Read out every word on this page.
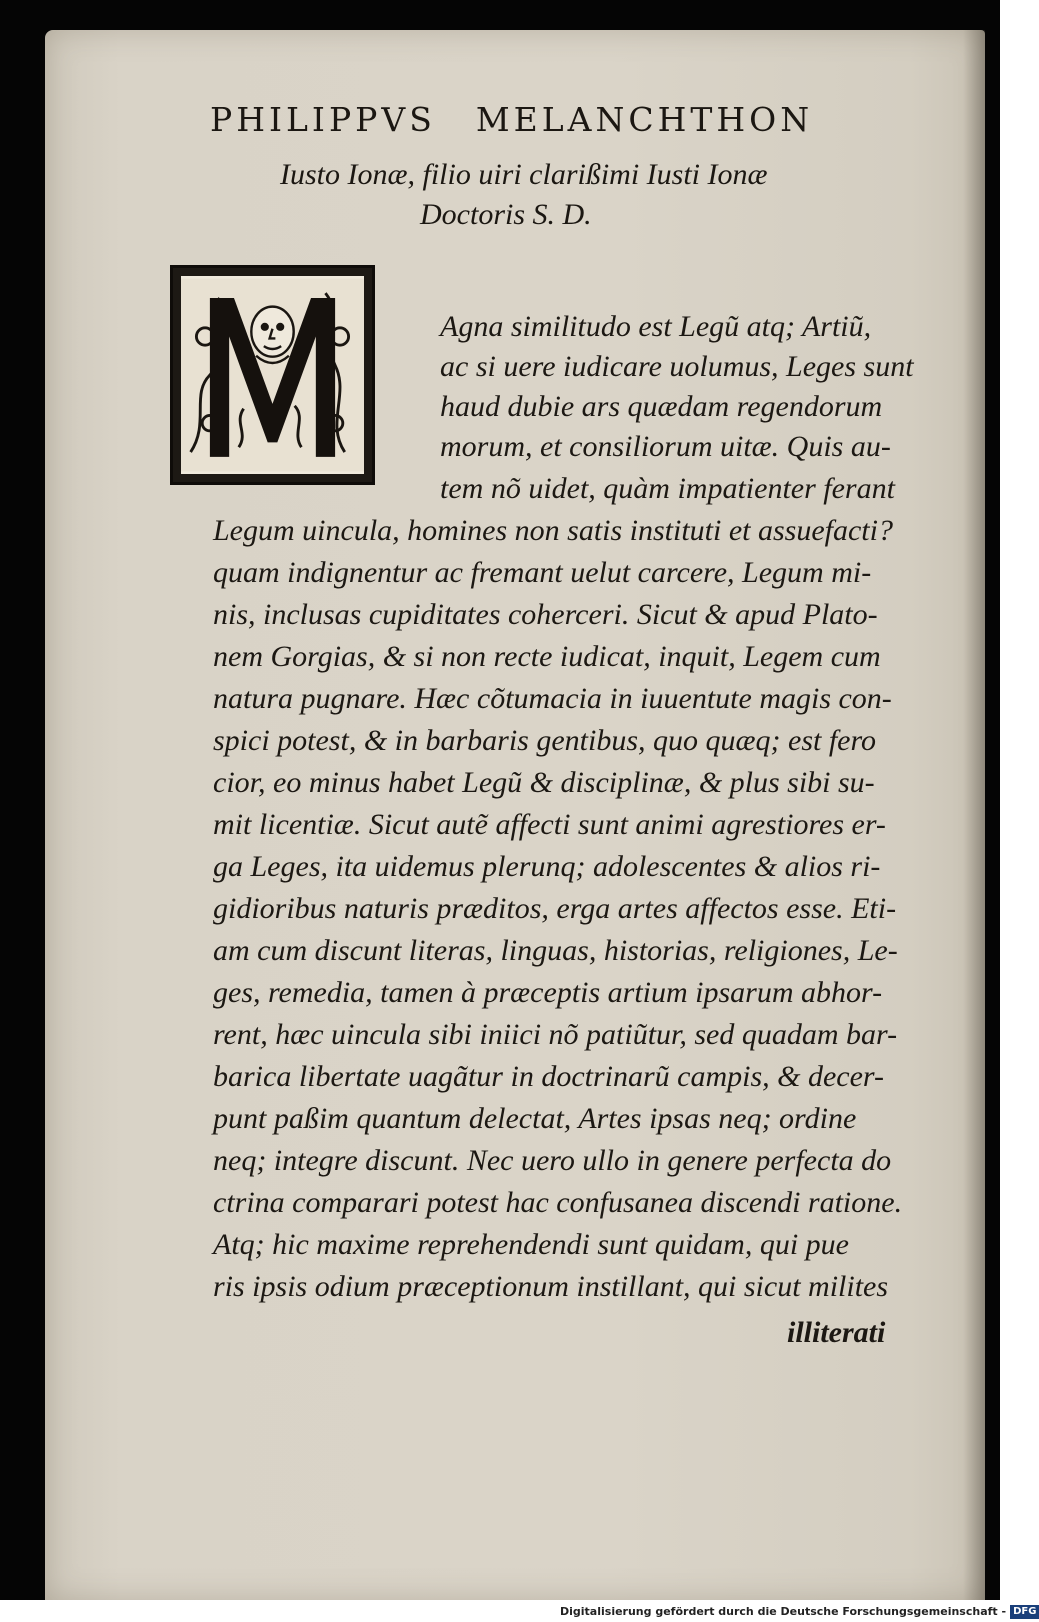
PHILIPPVS MELANCHTHON
Iusto Ionæ, filio uiri clarißimi Iusti Ionæ
Doctoris S. D.
Agna similitudo est Legũ atq; Artiũ,
ac si uere iudicare uolumus, Leges sunt
haud dubie ars quædam regendorum
morum, et consiliorum uitæ. Quis au-
tem nõ uidet, quàm impatienter ferant
Legum uincula, homines non satis instituti et assuefacti?
quam indignentur ac fremant uelut carcere, Legum mi-
nis, inclusas cupiditates coherceri. Sicut & apud Plato-
nem Gorgias, & si non recte iudicat, inquit, Legem cum
natura pugnare. Hæc cõtumacia in iuuentute magis con-
spici potest, & in barbaris gentibus, quo quæq; est fero
cior, eo minus habet Legũ & disciplinæ, & plus sibi su-
mit licentiæ. Sicut autẽ affecti sunt animi agrestiores er-
ga Leges, ita uidemus plerunq; adolescentes & alios ri-
gidioribus naturis præditos, erga artes affectos esse. Eti-
am cum discunt literas, linguas, historias, religiones, Le-
ges, remedia, tamen à præceptis artium ipsarum abhor-
rent, hæc uincula sibi iniici nõ patiũtur, sed quadam bar-
barica libertate uagãtur in doctrinarũ campis, & decer-
punt paßim quantum delectat, Artes ipsas neq; ordine
neq; integre discunt. Nec uero ullo in genere perfecta do
ctrina comparari potest hac confusanea discendi ratione.
Atq; hic maxime reprehendendi sunt quidam, qui pue
ris ipsis odium præceptionum instillant, qui sicut milites
illiterati
Digitalisierung gefördert durch die Deutsche Forschungsgemeinschaft - DFG
